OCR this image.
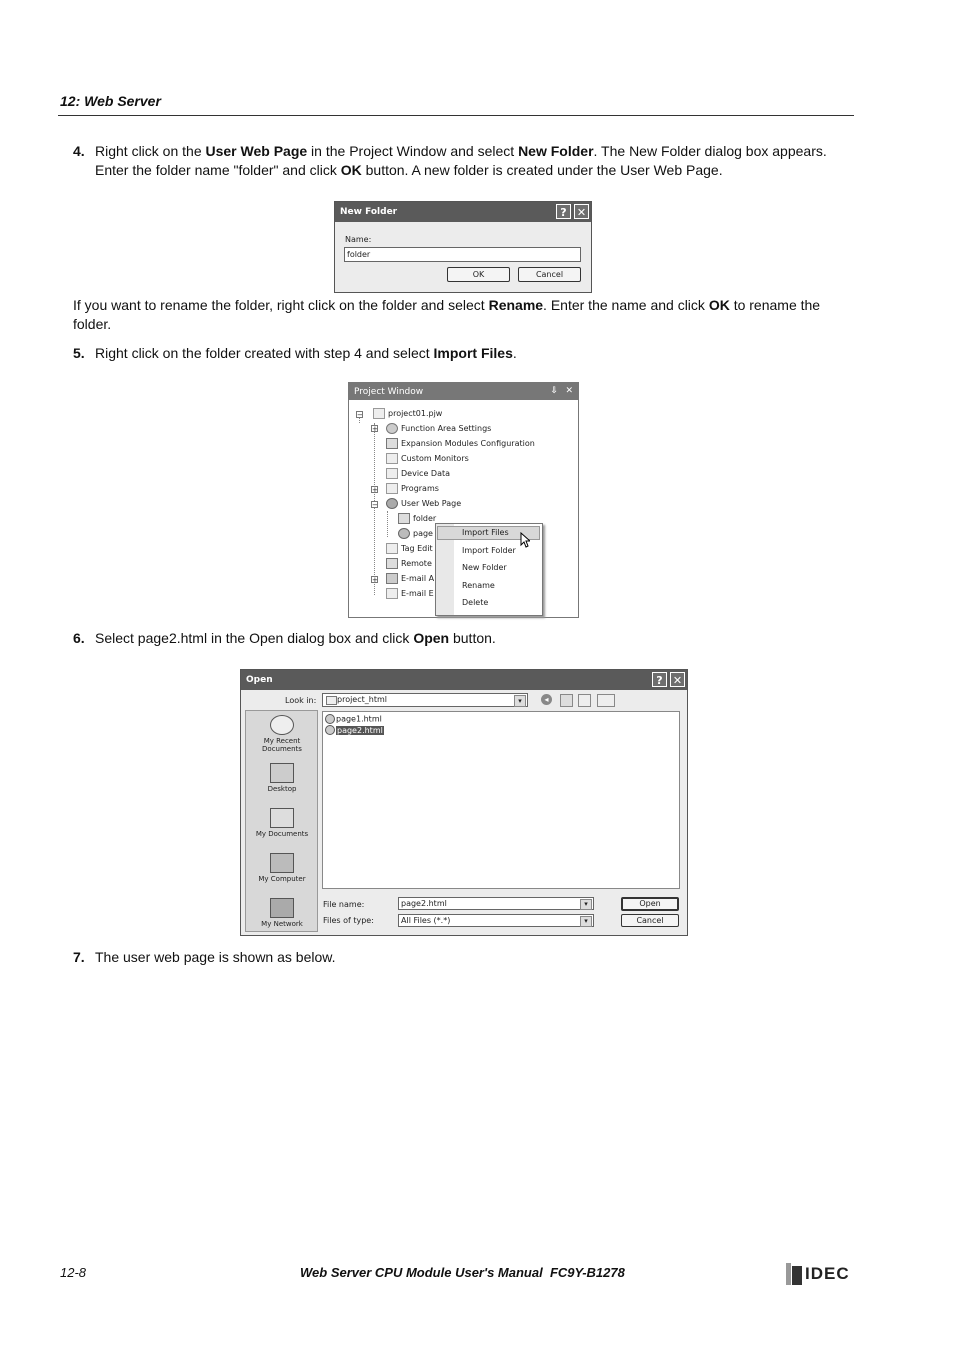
12: Web Server
4. Right click on the User Web Page in the Project Window and select New Folder. The New Folder dialog box appears.
Enter the folder name "folder" and click OK button. A new folder is created under the User Web Page.
New Folder	? ✕
Name:
folder
OK	Cancel
If you want to rename the folder, right click on the folder and select Rename. Enter the name and click OK to rename the
folder.
5. Right click on the folder created with step 4 and select Import Files.
Project Window	⇩ ✕
−	project01.pjw
+	Function Area Settings
Expansion Modules Configuration
Custom Monitors
Device Data
+	Programs
−	User Web Page
folder
page
Tag Edit
Remote
+	E-mail A
E-mail E
Import Files
Import Folder
New Folder
Rename
Delete
6. Select page2.html in the Open dialog box and click Open button.
Open	? ✕
Look in:	project_html	▾	◂
My Recent Documents
Desktop
My Documents
My Computer
My Network
page1.html
page2.html
File name:	page2.html	▾
Files of type:	All Files (*.*)	▾
Open
Cancel
7. The user web page is shown as below.
12-8	Web Server CPU Module User's Manual FC9Y-B1278	IDEC
